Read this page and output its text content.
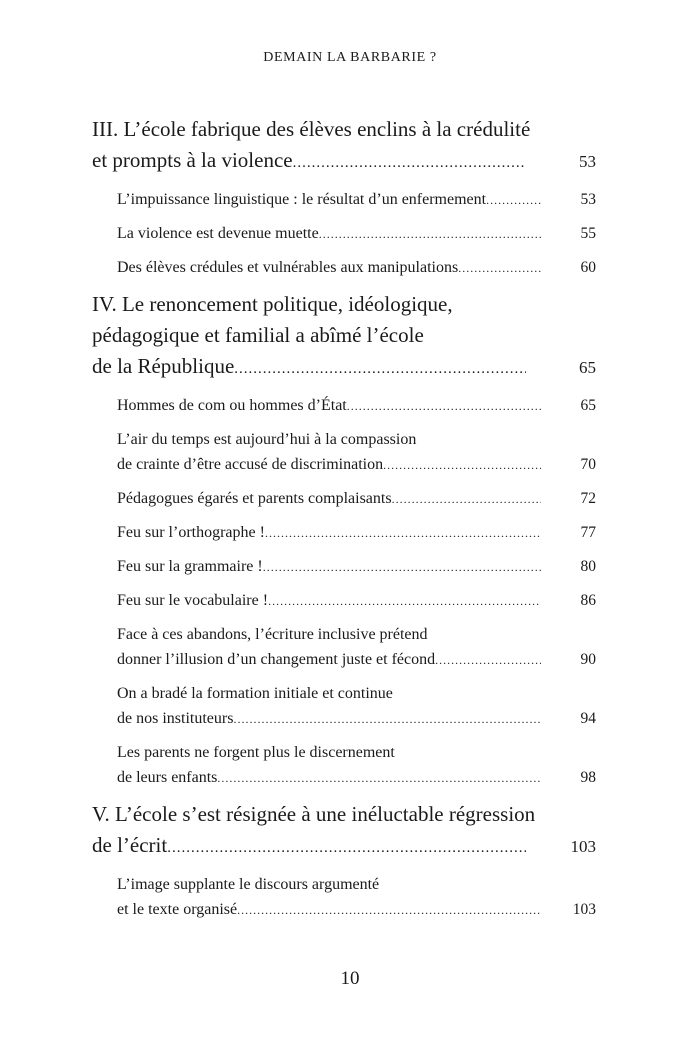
DEMAIN LA BARBARIE ?
III. L’école fabrique des élèves enclins à la crédulité
et prompts à la violence .....	53
L’impuissance linguistique : le résultat d’un enfermement .....	53
La violence est devenue muette .....	55
Des élèves crédules et vulnérables aux manipulations .....	60
IV. Le renoncement politique, idéologique,
pédagogique et familial a abîmé l’école
de la République .....	65
Hommes de com ou hommes d’État .....	65
L’air du temps est aujourd’hui à la compassion
de crainte d’être accusé de discrimination .....	70
Pédagogues égarés et parents complaisants .....	72
Feu sur l’orthographe ! .....	77
Feu sur la grammaire ! .....	80
Feu sur le vocabulaire ! .....	86
Face à ces abandons, l’écriture inclusive prétend
donner l’illusion d’un changement juste et fécond .....	90
On a bradé la formation initiale et continue
de nos instituteurs .....	94
Les parents ne forgent plus le discernement
de leurs enfants .....	98
V. L’école s’est résignée à une inéluctable régression
de l’écrit .....	103
L’image supplante le discours argumenté
et le texte organisé .....	103
10
